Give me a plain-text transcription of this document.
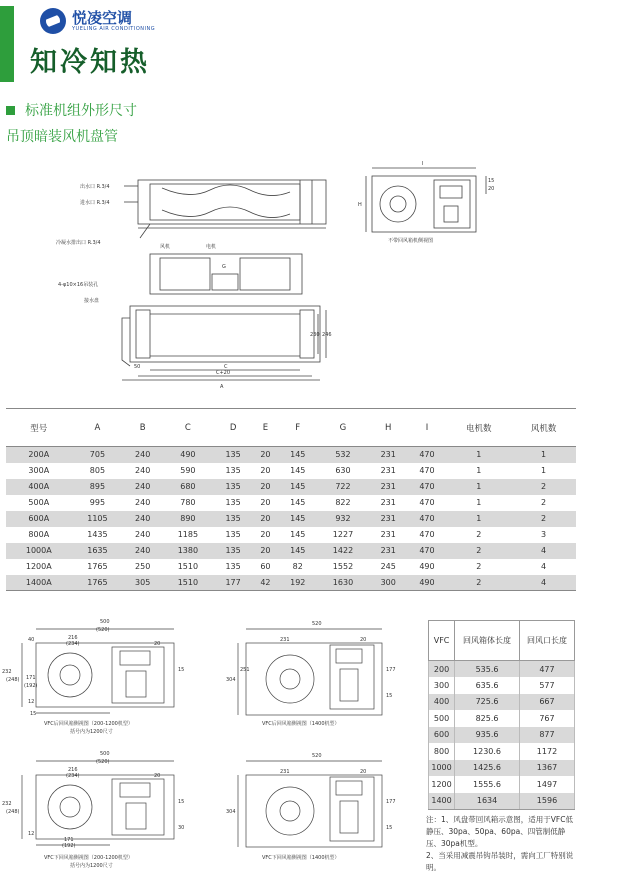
悦凌空调
YUELING AIR CONDITIONING
知冷知热
标准机组外形尺寸
吊顶暗装风机盘管
出水口 R.3/4
进水口 R.3/4
冷凝水排出口 R.3/4
风机	电机
4-φ10×16吊装孔
接水盘
不带回风箱机侧视图
I
H
G
C
C+20
A
50
246
230
15
20
型号	A	B	C	D	E	F	G	H	I	电机数	风机数
200A	705	240	490	135	20	145	532	231	470	1	1
300A	805	240	590	135	20	145	630	231	470	1	1
400A	895	240	680	135	20	145	722	231	470	1	2
500A	995	240	780	135	20	145	822	231	470	1	2
600A	1105	240	890	135	20	145	932	231	470	1	2
800A	1435	240	1185	135	20	145	1227	231	470	2	3
1000A	1635	240	1380	135	20	145	1422	231	470	2	4
1200A	1765	250	1510	135	60	82	1552	245	490	2	4
1400A	1765	305	1510	177	42	192	1630	300	490	2	4
500
(520)
216
(234)	20
15
232
(248) 171
(192)
40
15
12
VFC后回风箱侧视图（200-1200机型）
括号内为1200尺寸
520
231	20
304
251	177
15
VFC后回风箱侧视图（1400机型）
500
(520)
216
(234)	20
15
232
(248)
171
(192)
12
30
VFC下回风箱侧视图（200-1200机型）
括号内为1200尺寸
520
231	20
304
177
15
VFC下回风箱侧视图（1400机型）
VFC	回风箱体长度	回风口长度
200	535.6	477
300	635.6	577
400	725.6	667
500	825.6	767
600	935.6	877
800	1230.6	1172
1000	1425.6	1367
1200	1555.6	1497
1400	1634	1596
注：1、风盘带回风箱示意图，适用于VFC低静压、30pa、50pa、60pa、四管制低静压、30pa机型。
2、当采用减震吊钩吊装时，需向工厂特别说明。
